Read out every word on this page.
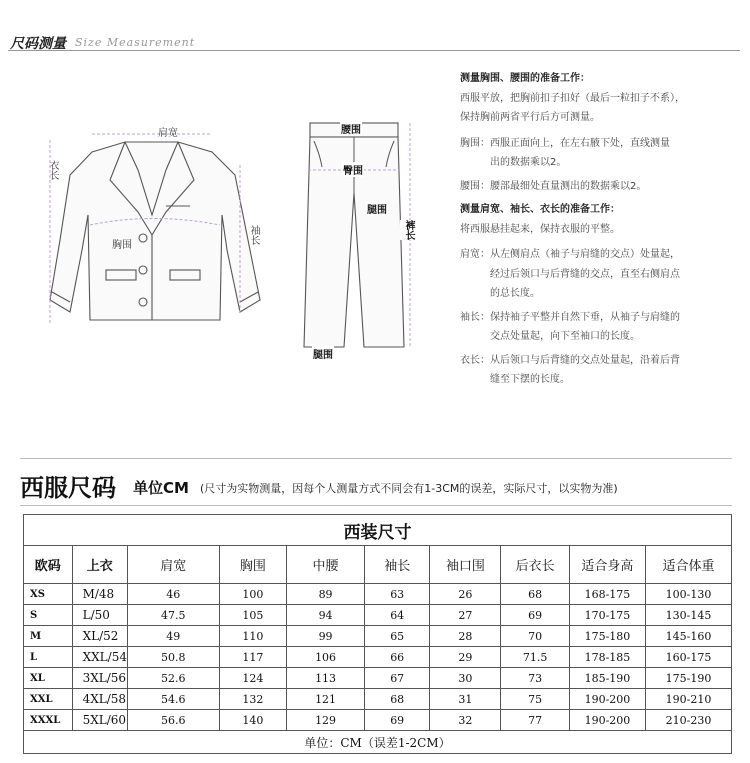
尺码测量 Size Measurement
肩宽
衣长
胸围
袖长
腰围
臀围
腿围
腿围
裤长
测量胸围、腰围的准备工作：
西服平放，把胸前扣子扣好（最后一粒扣子不系），
保持胸前两省平行后方可测量。
胸围： 西服正面向上，在左右腋下处，直线测量
出的数据乘以2。
腰围： 腰部最细处直量测出的数据乘以2。
测量肩宽、袖长、衣长的准备工作：
将西服悬挂起来，保持衣服的平整。
肩宽： 从左侧肩点（袖子与肩缝的交点）处量起，
经过后领口与后背缝的交点，直至右侧肩点
的总长度。
袖长： 保持袖子平整并自然下垂，从袖子与肩缝的
交点处量起，向下至袖口的长度。
衣长： 从后领口与后背缝的交点处量起，沿着后背
缝至下摆的长度。
西服尺码 单位CM (尺寸为实物测量，因每个人测量方式不同会有1-3CM的误差，实际尺寸，以实物为准)
西装尺寸									
欧码	上衣	肩宽	胸围	中腰	袖长	袖口围	后衣长	适合身高	适合体重
XS	M/48	46	100	89	63	26	68	168-175	100-130
S	L/50	47.5	105	94	64	27	69	170-175	130-145
M	XL/52	49	110	99	65	28	70	175-180	145-160
L	XXL/54	50.8	117	106	66	29	71.5	178-185	160-175
XL	3XL/56	52.6	124	113	67	30	73	185-190	175-190
XXL	4XL/58	54.6	132	121	68	31	75	190-200	190-210
XXXL	5XL/60	56.6	140	129	69	32	77	190-200	210-230
单位：CM（误差1-2CM）									
